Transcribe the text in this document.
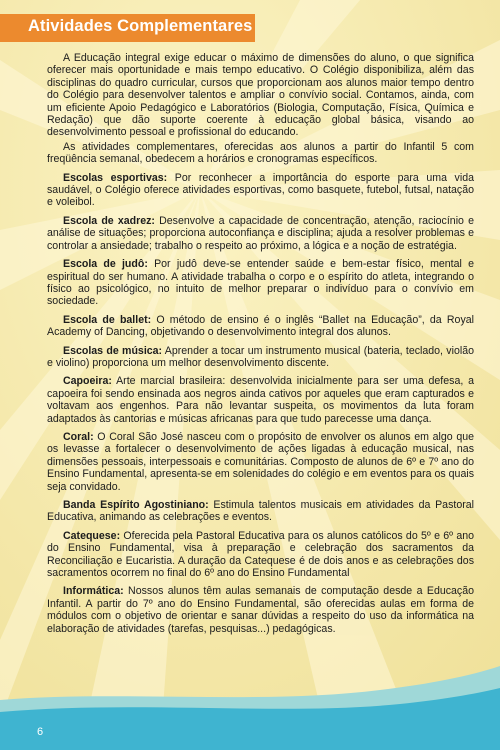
Atividades Complementares

A Educação integral exige educar o máximo de dimensões do aluno, o que significa oferecer mais oportunidade e mais tempo educativo. O Colégio disponibiliza, além das disciplinas do quadro curricular, cursos que proporcionam aos alunos maior tempo dentro do Colégio para desenvolver talentos e ampliar o convívio social. Contamos, ainda, com um eficiente Apoio Pedagógico e Laboratórios (Biologia, Computação, Física, Química e Redação) que dão suporte coerente à educação global básica, visando ao desenvolvimento pessoal e profissional do educando.

As atividades complementares, oferecidas aos alunos a partir do Infantil 5 com freqüência semanal, obedecem a horários e cronogramas específicos.

Escolas esportivas: Por reconhecer a importância do esporte para uma vida saudável, o Colégio oferece atividades esportivas, como basquete, futebol, futsal, natação e voleibol.

Escola de xadrez: Desenvolve a capacidade de concentração, atenção, raciocínio e análise de situações; proporciona autoconfiança e disciplina; ajuda a resolver problemas e controlar a ansiedade; trabalho o respeito ao próximo, a lógica e a noção de estratégia.

Escola de judô: Por judô deve-se entender saúde e bem-estar físico, mental e espiritual do ser humano. A atividade trabalha o corpo e o espírito do atleta, integrando o físico ao psicológico, no intuito de melhor preparar o indivíduo para o convívio em sociedade.

Escola de ballet: O método de ensino é o inglês “Ballet na Educação”, da Royal Academy of Dancing, objetivando o desenvolvimento integral dos alunos.

Escolas de música: Aprender a tocar um instrumento musical (bateria, teclado, violão e violino) proporciona um melhor desenvolvimento discente.

Capoeira: Arte marcial brasileira: desenvolvida inicialmente para ser uma defesa, a capoeira foi sendo ensinada aos negros ainda cativos por aqueles que eram capturados e voltavam aos engenhos. Para não levantar suspeita, os movimentos da luta foram adaptados às cantorias e músicas africanas para que tudo parecesse uma dança.

Coral: O Coral São José nasceu com o propósito de envolver os alunos em algo que os levasse a fortalecer o desenvolvimento de ações ligadas à educação musical, nas dimensões pessoais, interpessoais e comunitárias. Composto de alunos de 6º e 7º ano do Ensino Fundamental, apresenta-se em solenidades do colégio e em eventos para os quais seja convidado.

Banda Espírito Agostiniano: Estimula talentos musicais em atividades da Pastoral Educativa, animando as celebrações e eventos.

Catequese: Oferecida pela Pastoral Educativa para os alunos católicos do 5º e 6º ano do Ensino Fundamental, visa à preparação e celebração dos sacramentos da Reconciliação e Eucaristia. A duração da Catequese é de dois anos e as celebrações dos sacramentos ocorrem no final do 6º ano do Ensino Fundamental

Informática: Nossos alunos têm aulas semanais de computação desde a Educação Infantil. A partir do 7º ano do Ensino Fundamental, são oferecidas aulas em forma de módulos com o objetivo de orientar e sanar dúvidas a respeito do uso da informática na elaboração de atividades (tarefas, pesquisas...) pedagógicas.

6
